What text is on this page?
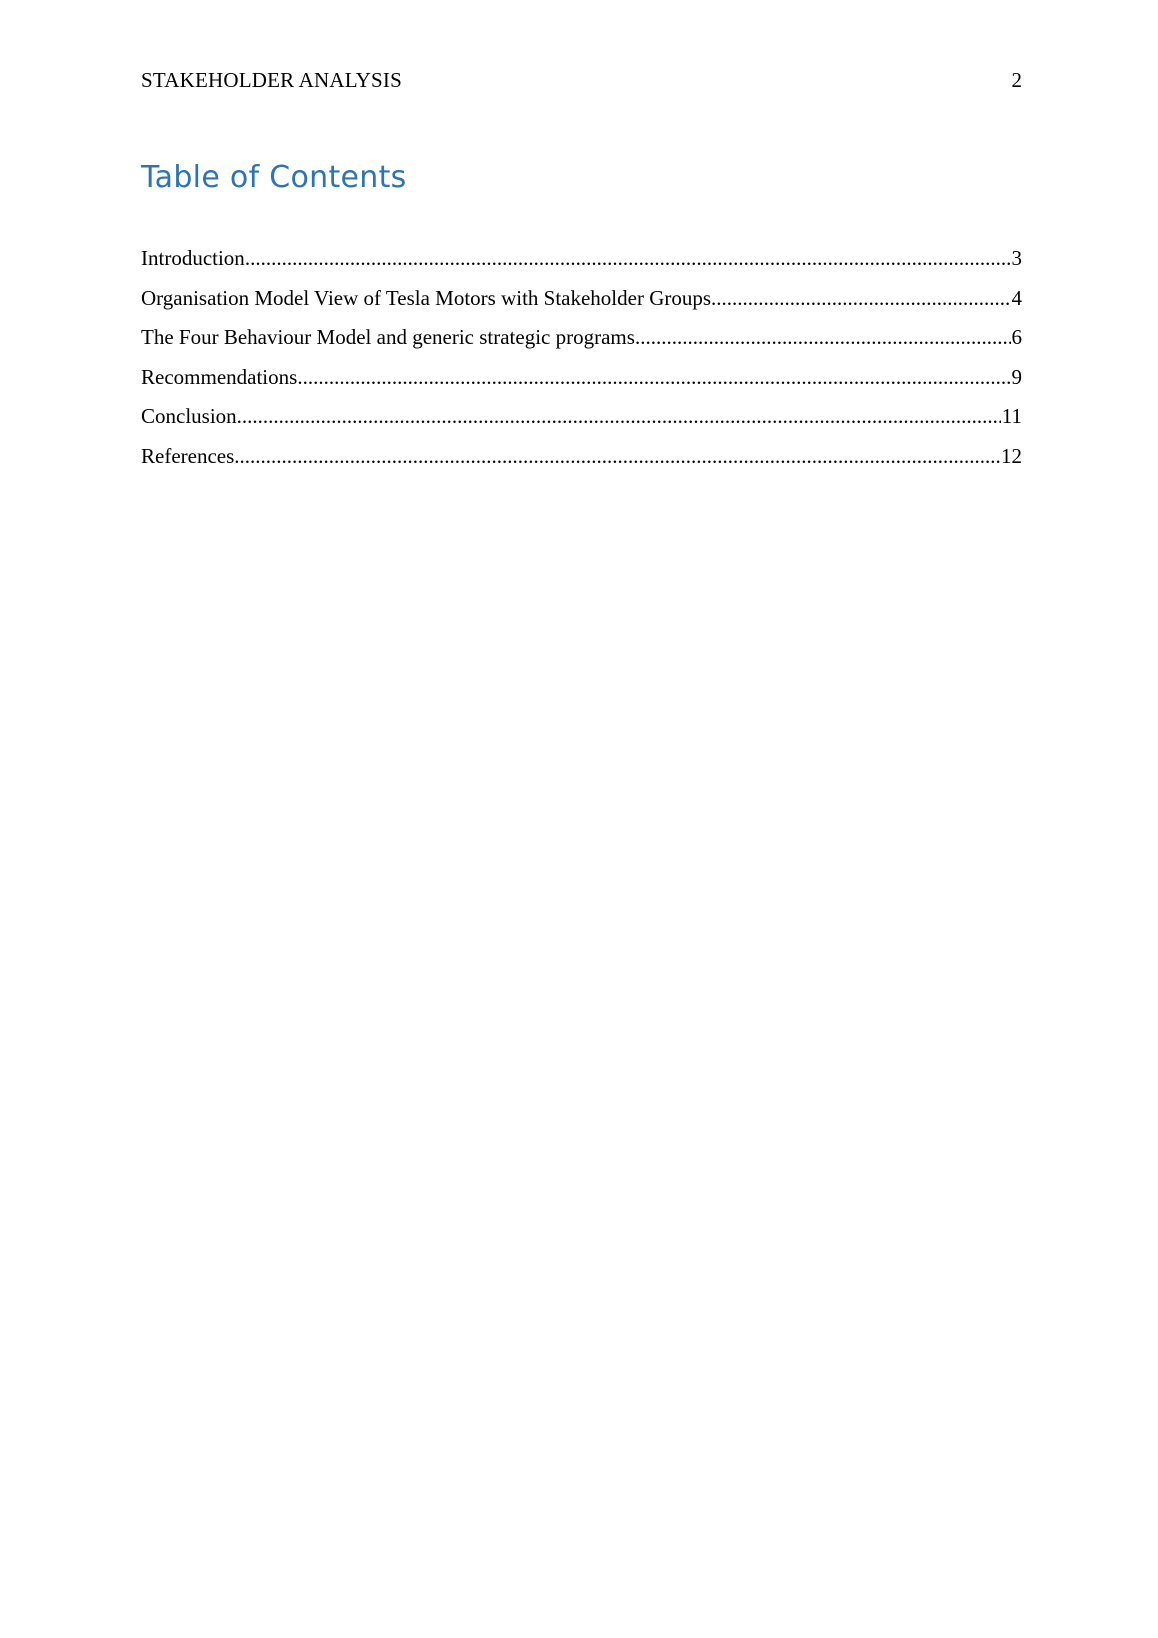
STAKEHOLDER ANALYSIS	2
Table of Contents
Introduction .....	3
Organisation Model View of Tesla Motors with Stakeholder Groups .....	4
The Four Behaviour Model and generic strategic programs .....	6
Recommendations .....	9
Conclusion .....	11
References .....	12
